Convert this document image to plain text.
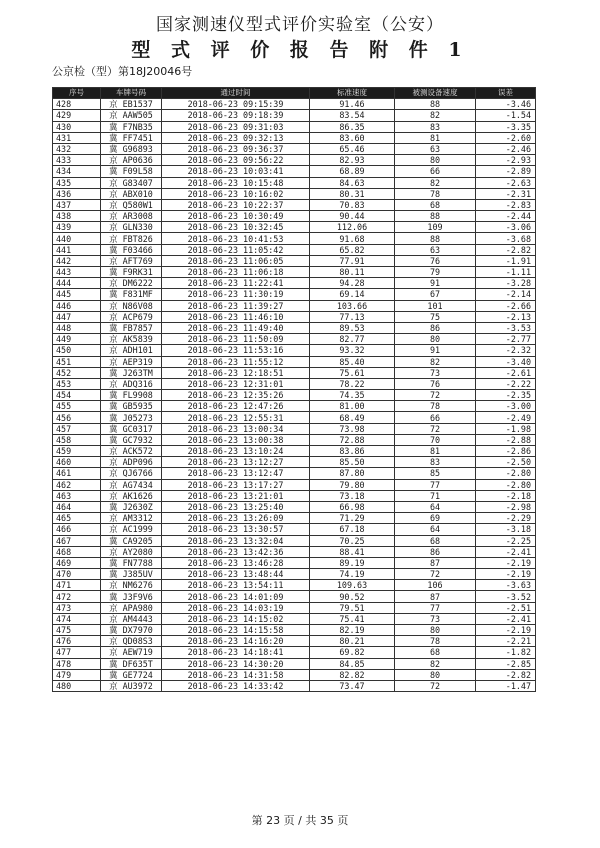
国家测速仪型式评价实验室（公安）
型 式 评 价 报 告 附 件 1
公京检（型）第18J20046号
序号	车牌号码	通过时间	标准速度	被测设备速度	误差
428	京 EB1537	2018-06-23 09:15:39	91.46	88	-3.46
429	京 AAW505	2018-06-23 09:18:39	83.54	82	-1.54
430	冀 F7NB35	2018-06-23 09:31:03	86.35	83	-3.35
431	冀 FF7451	2018-06-23 09:32:13	83.60	81	-2.60
432	冀 G96893	2018-06-23 09:36:37	65.46	63	-2.46
433	京 AP0636	2018-06-23 09:56:22	82.93	80	-2.93
434	冀 F09L58	2018-06-23 10:03:41	68.89	66	-2.89
435	京 G83407	2018-06-23 10:15:48	84.63	82	-2.63
436	京 ABX010	2018-06-23 10:16:02	80.31	78	-2.31
437	京 Q580W1	2018-06-23 10:22:37	70.83	68	-2.83
438	京 AR3008	2018-06-23 10:30:49	90.44	88	-2.44
439	京 GLN330	2018-06-23 10:32:45	112.06	109	-3.06
440	京 FBT826	2018-06-23 10:41:53	91.68	88	-3.68
441	冀 F03466	2018-06-23 11:05:42	65.82	63	-2.82
442	京 AFT769	2018-06-23 11:06:05	77.91	76	-1.91
443	冀 F9RK31	2018-06-23 11:06:18	80.11	79	-1.11
444	京 DM6222	2018-06-23 11:22:41	94.28	91	-3.28
445	冀 F831MF	2018-06-23 11:30:19	69.14	67	-2.14
446	京 N86V08	2018-06-23 11:39:27	103.66	101	-2.66
447	京 ACP679	2018-06-23 11:46:10	77.13	75	-2.13
448	冀 FB7857	2018-06-23 11:49:40	89.53	86	-3.53
449	京 AK5839	2018-06-23 11:50:09	82.77	80	-2.77
450	京 ADH101	2018-06-23 11:53:16	93.32	91	-2.32
451	京 AEP319	2018-06-23 11:55:12	85.40	82	-3.40
452	冀 J263TM	2018-06-23 12:18:51	75.61	73	-2.61
453	京 ADQ316	2018-06-23 12:31:01	78.22	76	-2.22
454	冀 FL9908	2018-06-23 12:35:26	74.35	72	-2.35
455	冀 GB5935	2018-06-23 12:47:26	81.00	78	-3.00
456	冀 J05273	2018-06-23 12:55:31	68.49	66	-2.49
457	冀 GC0317	2018-06-23 13:00:34	73.98	72	-1.98
458	冀 GC7932	2018-06-23 13:00:38	72.88	70	-2.88
459	京 ACK572	2018-06-23 13:10:24	83.86	81	-2.86
460	京 ADP096	2018-06-23 13:12:27	85.50	83	-2.50
461	京 QJ6766	2018-06-23 13:12:47	87.80	85	-2.80
462	京 AG7434	2018-06-23 13:17:27	79.80	77	-2.80
463	京 AK1626	2018-06-23 13:21:01	73.18	71	-2.18
464	冀 J2630Z	2018-06-23 13:25:40	66.98	64	-2.98
465	京 AM3312	2018-06-23 13:26:09	71.29	69	-2.29
466	京 AC1999	2018-06-23 13:30:57	67.18	64	-3.18
467	冀 CA9205	2018-06-23 13:32:04	70.25	68	-2.25
468	京 AY2080	2018-06-23 13:42:36	88.41	86	-2.41
469	冀 FN7788	2018-06-23 13:46:28	89.19	87	-2.19
470	冀 J385UV	2018-06-23 13:48:44	74.19	72	-2.19
471	京 NM6276	2018-06-23 13:54:11	109.63	106	-3.63
472	冀 J3F9V6	2018-06-23 14:01:09	90.52	87	-3.52
473	京 APA980	2018-06-23 14:03:19	79.51	77	-2.51
474	京 AM4443	2018-06-23 14:15:02	75.41	73	-2.41
475	冀 DX7970	2018-06-23 14:15:58	82.19	80	-2.19
476	京 QD08S3	2018-06-23 14:16:20	80.21	78	-2.21
477	京 AEW719	2018-06-23 14:18:41	69.82	68	-1.82
478	冀 DF635T	2018-06-23 14:30:20	84.85	82	-2.85
479	冀 GE7724	2018-06-23 14:31:58	82.82	80	-2.82
480	京 AU3972	2018-06-23 14:33:42	73.47	72	-1.47
第 23 页 / 共 35 页
